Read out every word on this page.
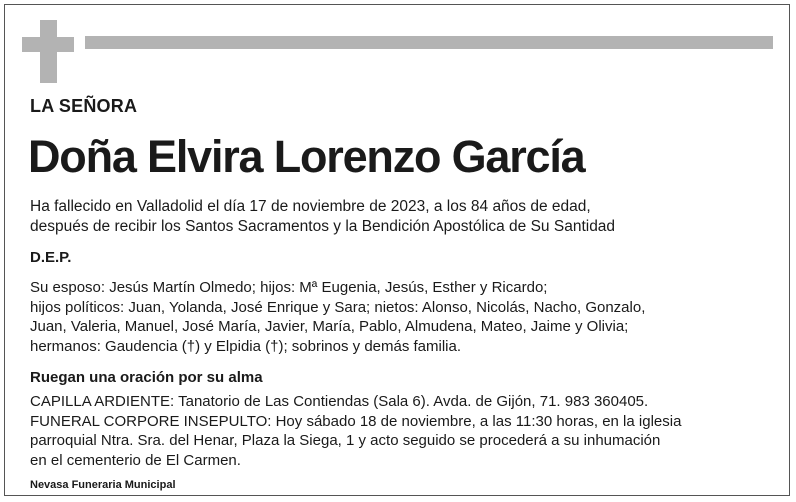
LA SEÑORA
Doña Elvira Lorenzo García
Ha fallecido en Valladolid el día 17 de noviembre de 2023, a los 84 años de edad,
después de recibir los Santos Sacramentos y la Bendición Apostólica de Su Santidad
D.E.P.
Su esposo: Jesús Martín Olmedo; hijos: Mª Eugenia, Jesús, Esther y Ricardo;
hijos políticos: Juan, Yolanda, José Enrique y Sara; nietos: Alonso, Nicolás, Nacho, Gonzalo,
Juan, Valeria, Manuel, José María, Javier, María, Pablo, Almudena, Mateo, Jaime y Olivia;
hermanos: Gaudencia (†) y Elpidia (†); sobrinos y demás familia.
Ruegan una oración por su alma
CAPILLA ARDIENTE: Tanatorio de Las Contiendas (Sala 6). Avda. de Gijón, 71. 983 360405.
FUNERAL CORPORE INSEPULTO: Hoy sábado 18 de noviembre, a las 11:30 horas, en la iglesia
parroquial Ntra. Sra. del Henar, Plaza la Siega, 1 y acto seguido se procederá a su inhumación
en el cementerio de El Carmen.
Nevasa Funeraria Municipal
